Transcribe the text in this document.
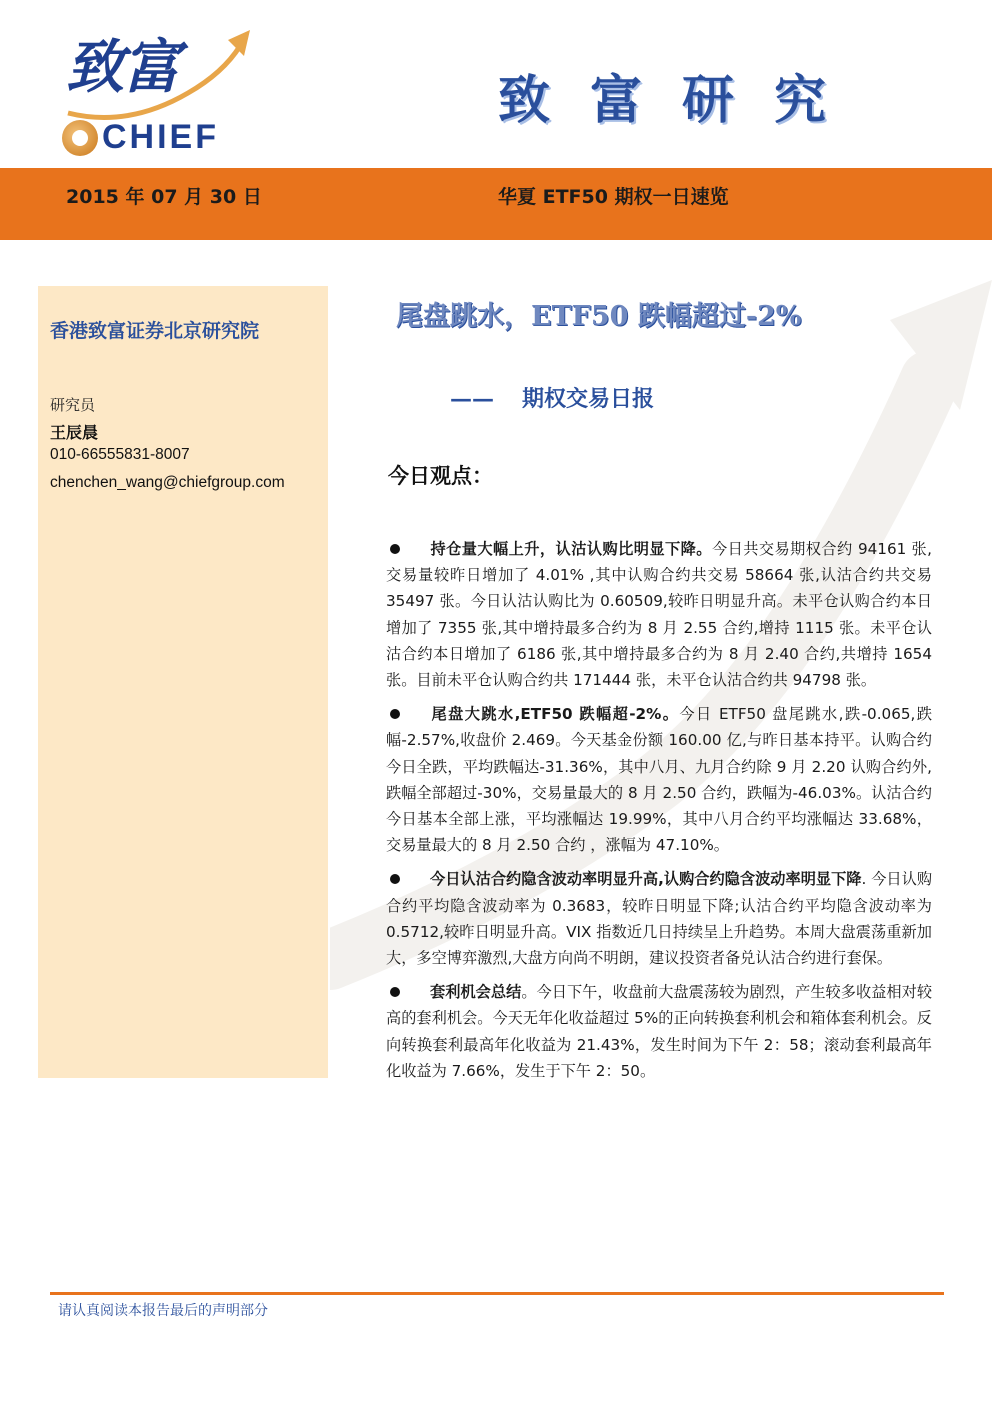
致富
CHIEF
致富研究
2015 年 07 月 30 日	华夏 ETF50 期权一日速览
香港致富证券北京研究院
研究员
王辰晨
010-66555831-8007
chenchen_wang@chiefgroup.com
尾盘跳水，ETF50 跌幅超过-2%
—— 期权交易日报
今日观点：

持仓量大幅上升，认沽认购比明显下降。今日共交易期权合约 94161 张,交易量较昨日增加了 4.01% ,其中认购合约共交易 58664 张,认沽合约共交易 35497 张。今日认沽认购比为 0.60509,较昨日明显升高。未平仓认购合约本日增加了 7355 张,其中增持最多合约为 8 月 2.55 合约,增持 1115 张。未平仓认沽合约本日增加了 6186 张,其中增持最多合约为 8 月 2.40 合约,共增持 1654 张。目前未平仓认购合约共 171444 张，未平仓认沽合约共 94798 张。

尾盘大跳水,ETF50 跌幅超-2%。今日 ETF50 盘尾跳水,跌-0.065,跌幅-2.57%,收盘价 2.469。今天基金份额 160.00 亿,与昨日基本持平。认购合约今日全跌，平均跌幅达-31.36%，其中八月、九月合约除 9 月 2.20 认购合约外,跌幅全部超过-30%，交易量最大的 8 月 2.50 合约，跌幅为-46.03%。认沽合约今日基本全部上涨，平均涨幅达 19.99%，其中八月合约平均涨幅达 33.68%，交易量最大的 8 月 2.50 合约 ，涨幅为 47.10%。

今日认沽合约隐含波动率明显升高,认购合约隐含波动率明显下降. 今日认购合约平均隐含波动率为 0.3683，较昨日明显下降;认沽合约平均隐含波动率为 0.5712,较昨日明显升高。VIX 指数近几日持续呈上升趋势。本周大盘震荡重新加大，多空博弈激烈,大盘方向尚不明朗，建议投资者备兑认沽合约进行套保。

套利机会总结。今日下午，收盘前大盘震荡较为剧烈，产生较多收益相对较高的套利机会。今天无年化收益超过 5%的正向转换套利机会和箱体套利机会。反向转换套利最高年化收益为 21.43%，发生时间为下午 2：58；滚动套利最高年化收益为 7.66%，发生于下午 2：50。

请认真阅读本报告最后的声明部分
